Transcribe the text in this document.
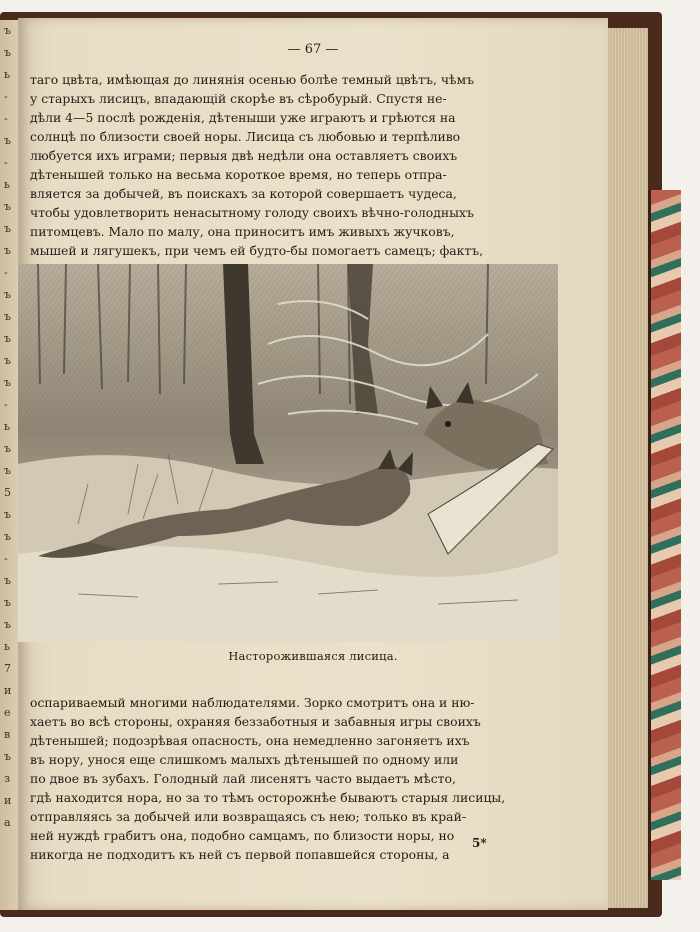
ъ
ъ
ь
-
-
ъ
-
ь
ъ
ъ
ъ
-
ъ
ъ
ъ
ъ
ъ
-
ь
ъ
ъ
5
ъ
ъ
-
ъ
ъ
ъ
ь
7
и
е
в
ъ
з
и
а
— 67 —
таго цвѣта, имѣющая до линянія осенью болѣе темный цвѣтъ, чѣмъ
у старыхъ лисицъ, впадающій скорѣе въ сѣробурый. Спустя не-
дѣли 4—5 послѣ рожденія, дѣтеныши уже играютъ и грѣются на
солнцѣ по близости своей норы. Лисица съ любовью и терпѣливо
любуется ихъ играми; первыя двѣ недѣли она оставляетъ своихъ
дѣтенышей только на весьма короткое время, но теперь отпра-
вляется за добычей, въ поискахъ за которой совершаетъ чудеса,
чтобы удовлетворить ненасытному голоду своихъ вѣчно-голодныхъ
питомцевъ. Мало по малу, она приноситъ имъ живыхъ жучковъ,
мышей и лягушекъ, при чемъ ей будто-бы помогаетъ самецъ; фактъ,
Насторожившаяся лисица.
оспариваемый многими наблюдателями. Зорко смотритъ она и ню-
хаетъ во всѣ стороны, охраняя беззаботныя и забавныя игры своихъ
дѣтенышей; подозрѣвая опасность, она немедленно загоняетъ ихъ
въ нору, унося еще слишкомъ малыхъ дѣтенышей по одному или
по двое въ зубахъ. Голодный лай лисенятъ часто выдаетъ мѣсто,
гдѣ находится нора, но за то тѣмъ осторожнѣе бываютъ старыя лисицы,
отправляясь за добычей или возвращаясь съ нею; только въ край-
ней нуждѣ грабитъ она, подобно самцамъ, по близости норы, но
никогда не подходитъ къ ней съ первой попавшейся стороны, а
5*
